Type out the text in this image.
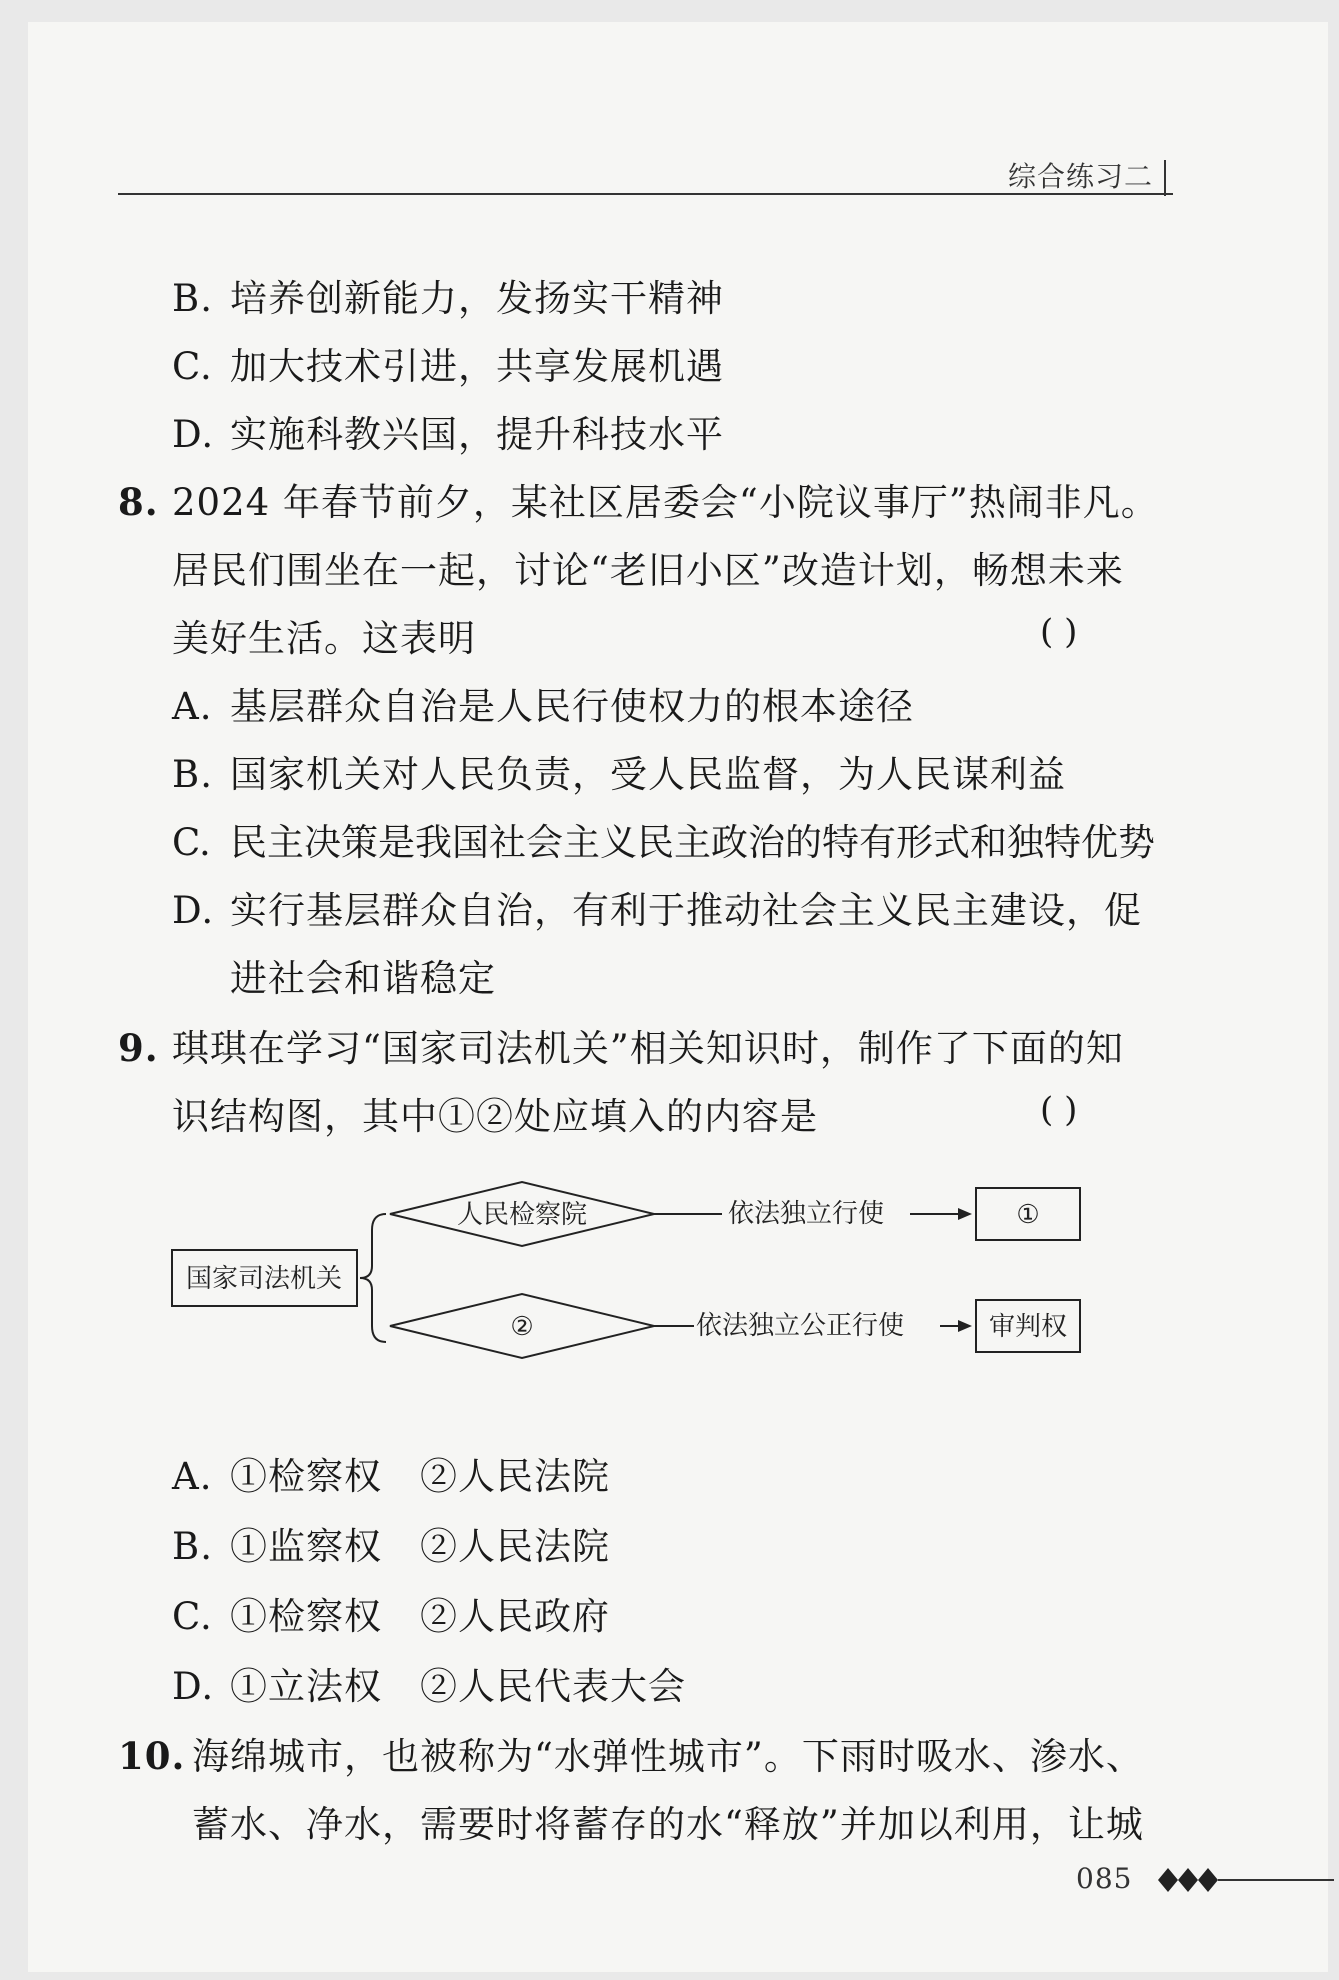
综合练习二
B. 培养创新能力，发扬实干精神
C. 加大技术引进，共享发展机遇
D. 实施科教兴国，提升科技水平
8. 2024 年春节前夕，某社区居委会“小院议事厅”热闹非凡。
居民们围坐在一起，讨论“老旧小区”改造计划，畅想未来
美好生活。这表明	( )
A. 基层群众自治是人民行使权力的根本途径
B. 国家机关对人民负责，受人民监督，为人民谋利益
C. 民主决策是我国社会主义民主政治的特有形式和独特优势
D. 实行基层群众自治，有利于推动社会主义民主建设，促
进社会和谐稳定
9. 琪琪在学习“国家司法机关”相关知识时，制作了下面的知
识结构图，其中①②处应填入的内容是	( )
国家司法机关
人民检察院	依法独立行使	①
②	依法独立公正行使	审判权
A. ①检察权　②人民法院
B. ①监察权　②人民法院
C. ①检察权　②人民政府
D. ①立法权　②人民代表大会
10. 海绵城市，也被称为“水弹性城市”。下雨时吸水、渗水、
蓄水、净水，需要时将蓄存的水“释放”并加以利用，让城
085
